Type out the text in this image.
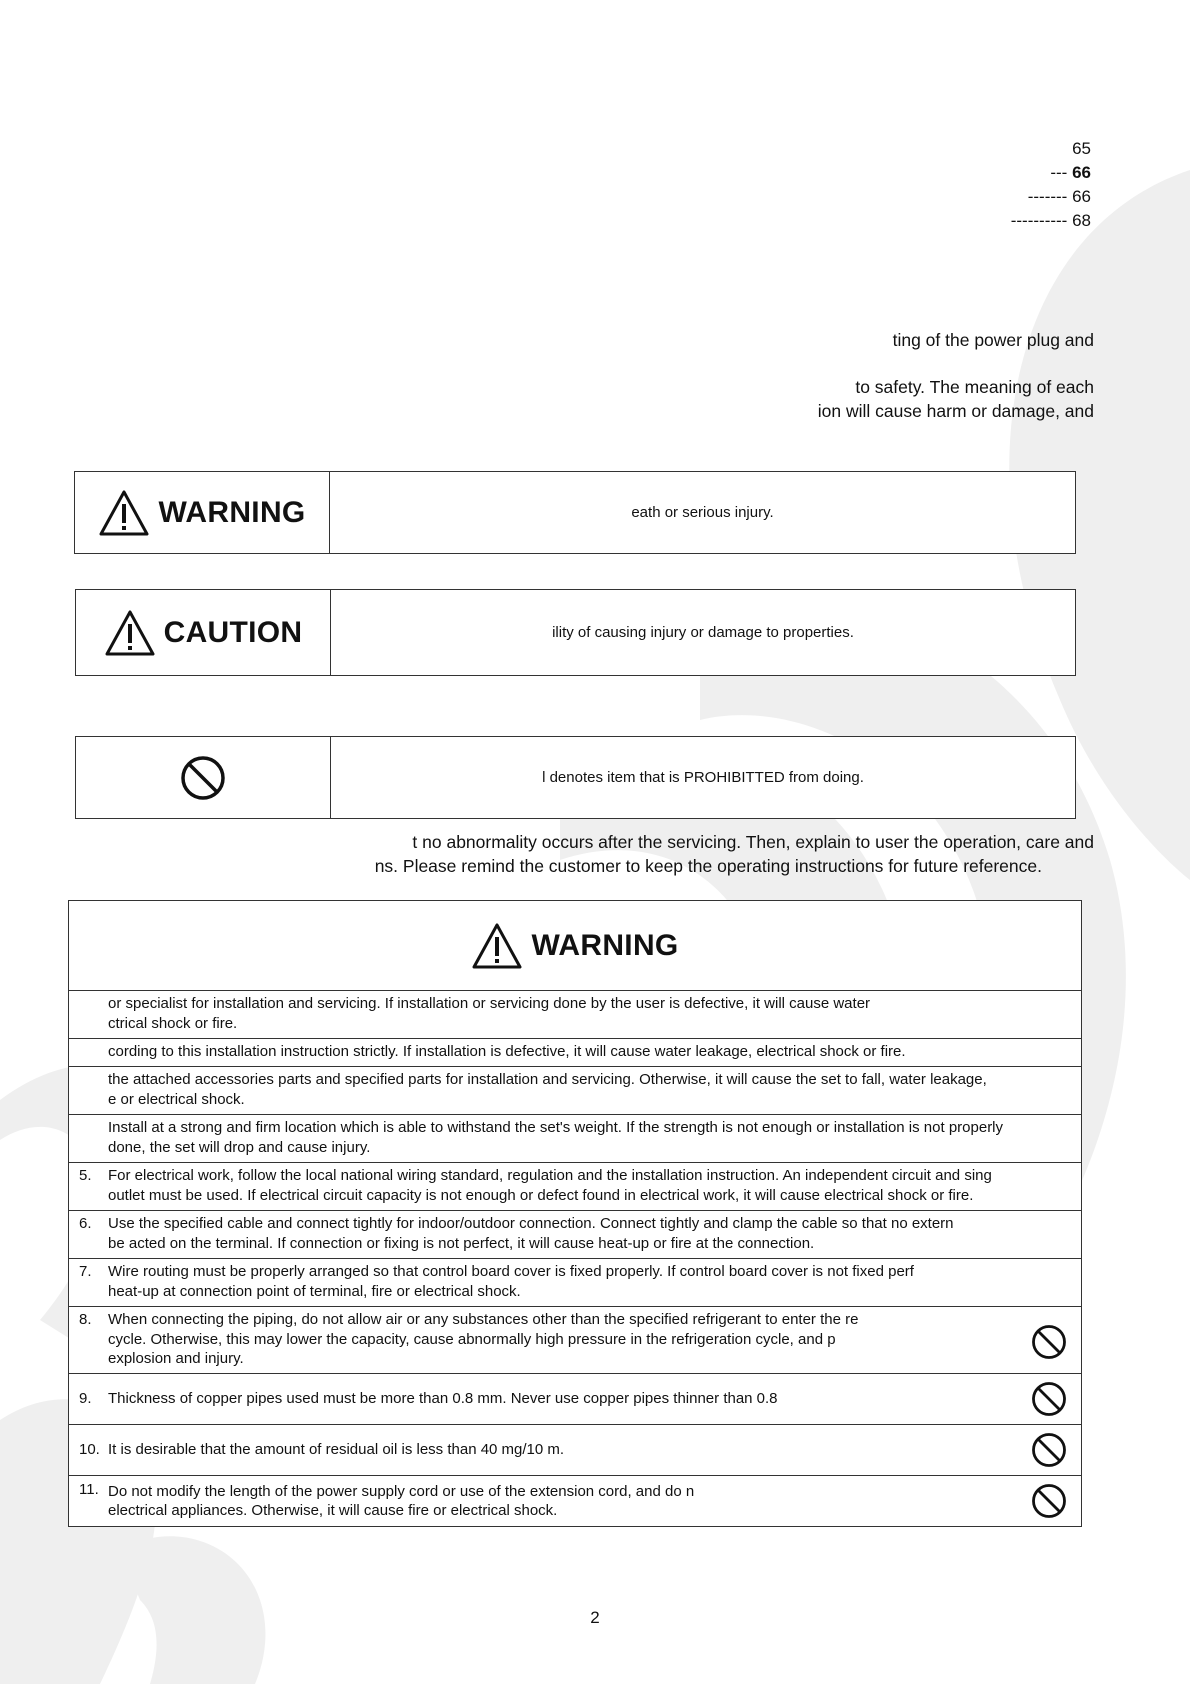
65
--- 66
------- 66
---------- 68
ting of the power plug and
to safety. The meaning of each
ion will cause harm or damage, and
WARNING	eath or serious injury.
CAUTION	ility of causing injury or damage to properties.
l denotes item that is PROHIBITTED from doing.
t no abnormality occurs after the servicing. Then, explain to user the operation, care and
ns. Please remind the customer to keep the operating instructions for future reference.
WARNING
or specialist for installation and servicing. If installation or servicing done by the user is defective, it will cause water
ctrical shock or fire.
cording to this installation instruction strictly. If installation is defective, it will cause water leakage, electrical shock or fire.
the attached accessories parts and specified parts for installation and servicing. Otherwise, it will cause the set to fall, water leakage,
e or electrical shock.
Install at a strong and firm location which is able to withstand the set's weight. If the strength is not enough or installation is not properly
done, the set will drop and cause injury.
5.	For electrical work, follow the local national wiring standard, regulation and the installation instruction. An independent circuit and sing
outlet must be used. If electrical circuit capacity is not enough or defect found in electrical work, it will cause electrical shock or fire.
6.	Use the specified cable and connect tightly for indoor/outdoor connection. Connect tightly and clamp the cable so that no extern
be acted on the terminal. If connection or fixing is not perfect, it will cause heat-up or fire at the connection.
7.	Wire routing must be properly arranged so that control board cover is fixed properly. If control board cover is not fixed perf
heat-up at connection point of terminal, fire or electrical shock.
8.	When connecting the piping, do not allow air or any substances other than the specified refrigerant to enter the re
cycle. Otherwise, this may lower the capacity, cause abnormally high pressure in the refrigeration cycle, and p
explosion and injury.
9.	Thickness of copper pipes used must be more than 0.8 mm. Never use copper pipes thinner than 0.8
10. It is desirable that the amount of residual oil is less than 40 mg/10 m.
11. Do not modify the length of the power supply cord or use of the extension cord, and do n
electrical appliances. Otherwise, it will cause fire or electrical shock.
2
